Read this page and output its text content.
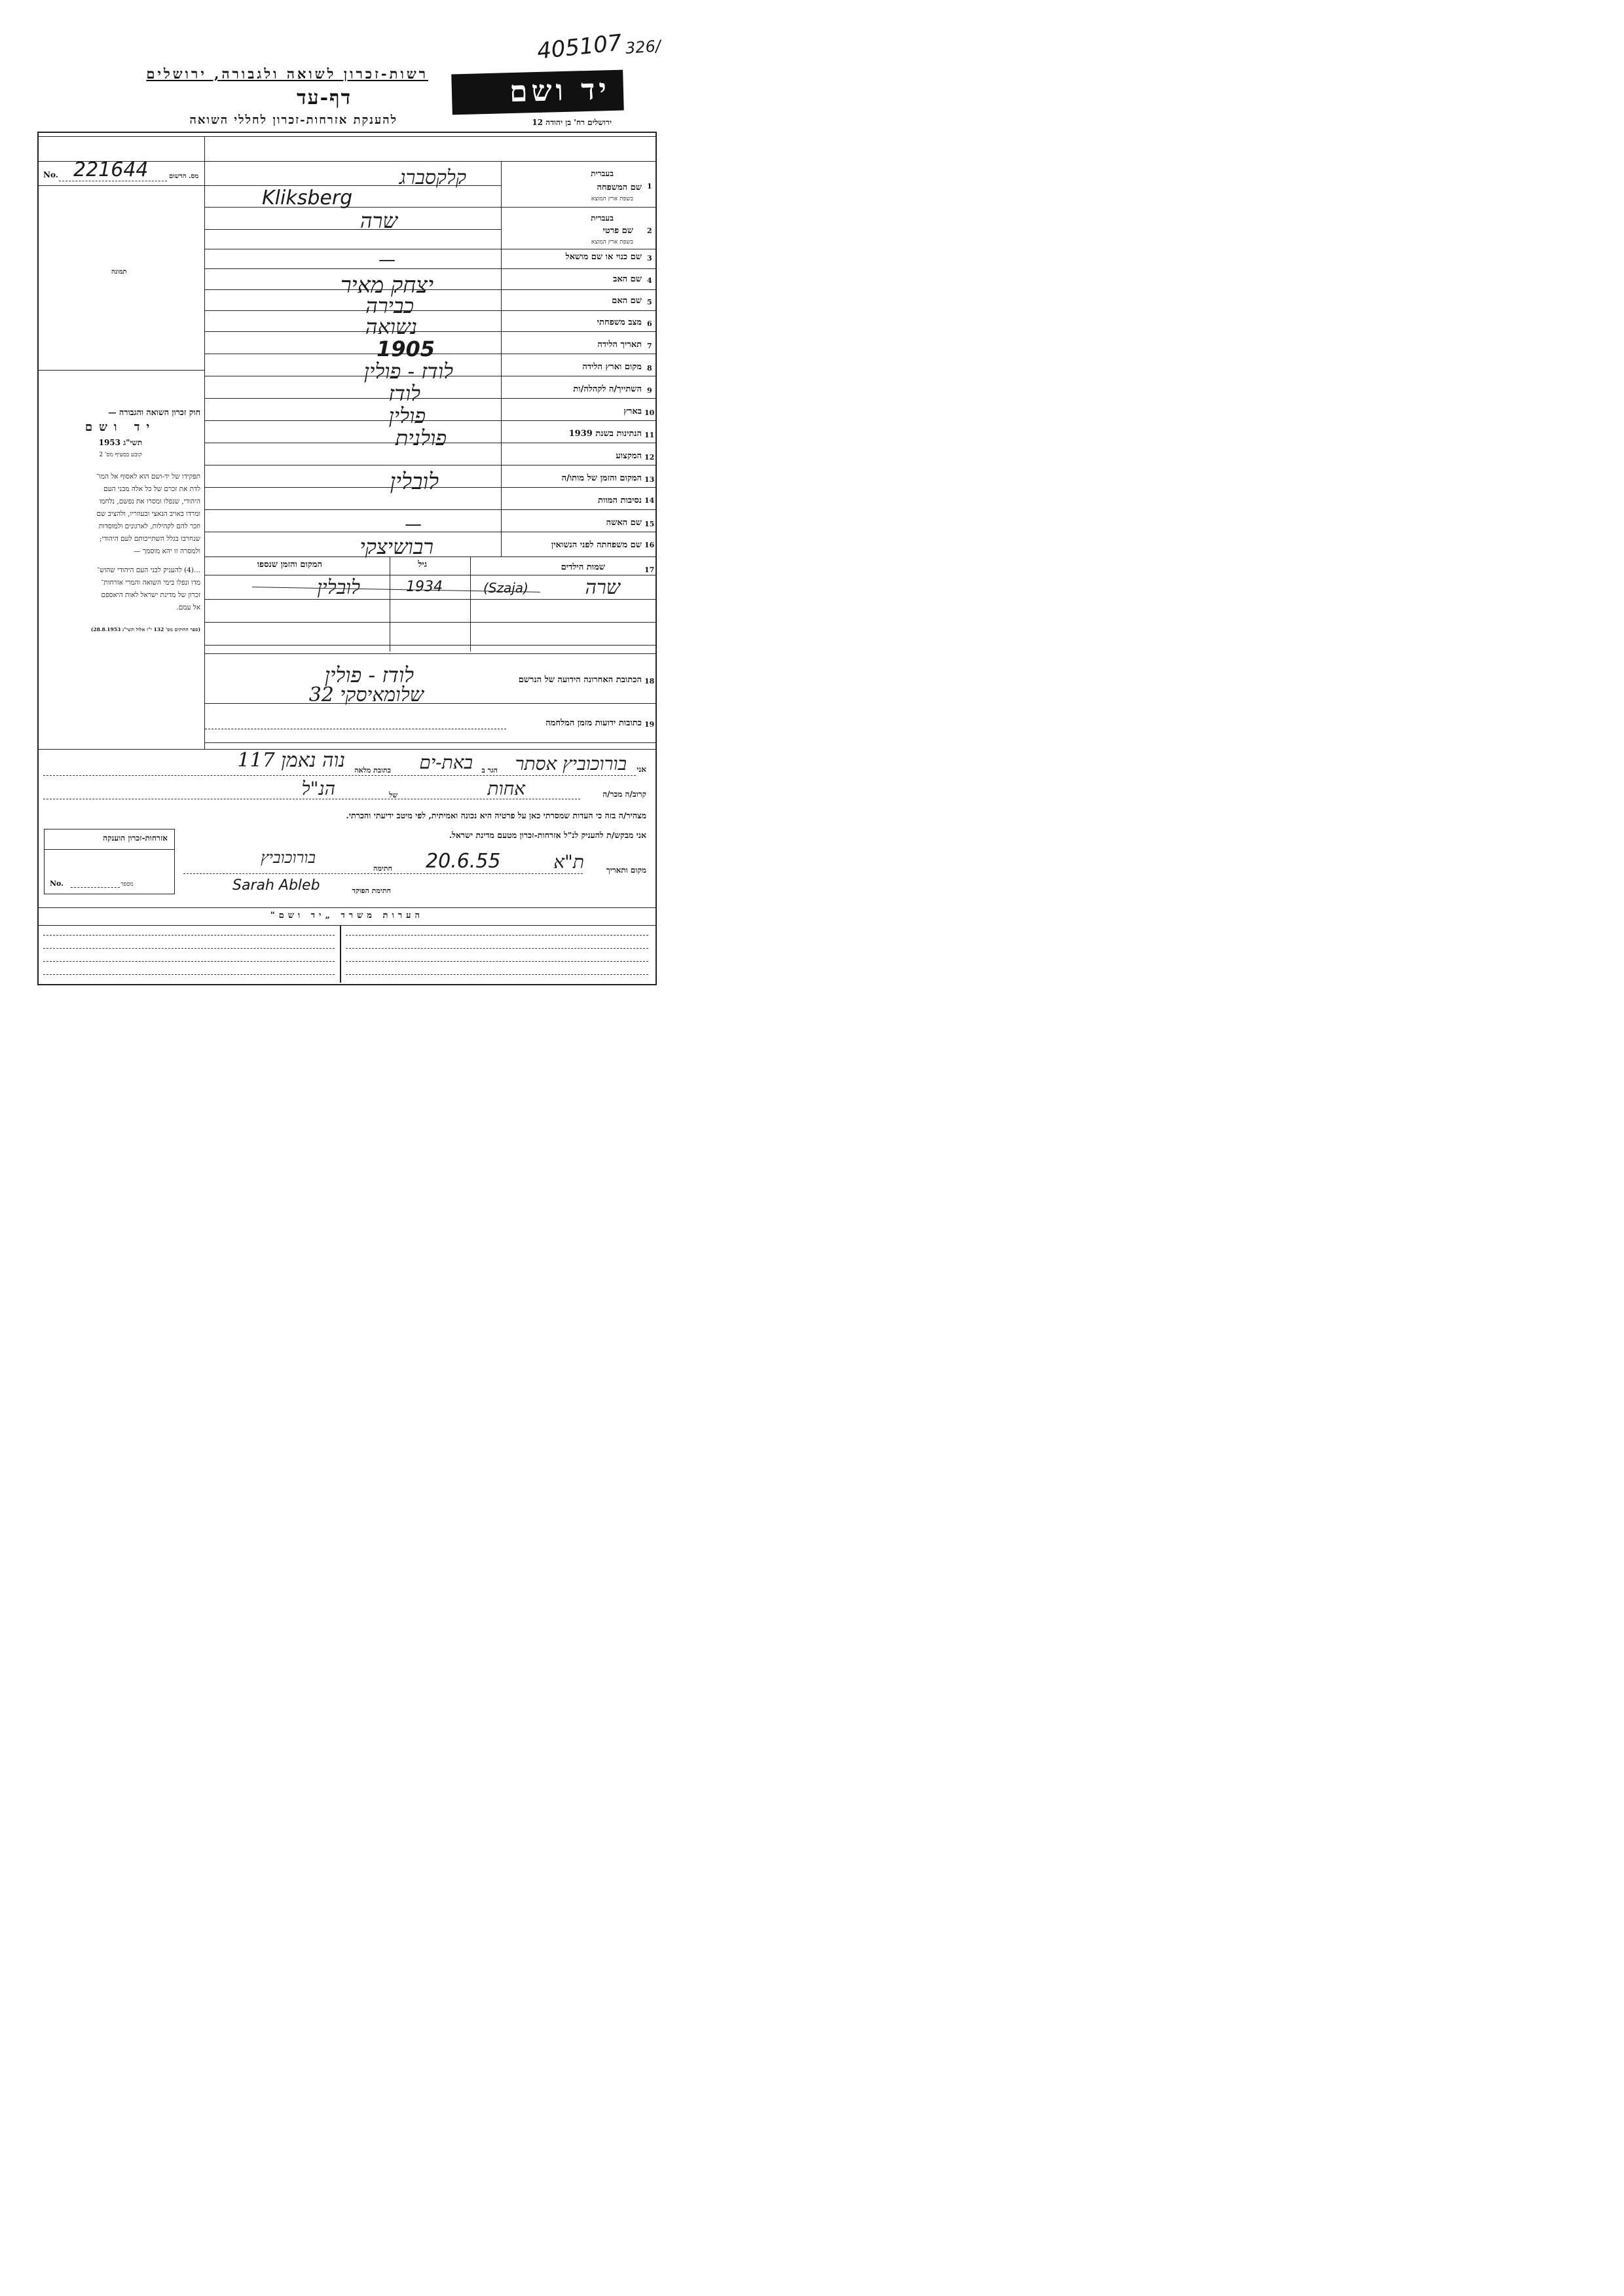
405107 326/
רשות-זכרון לשואה ולגבורה, ירושלים
דף-עד
להענקת אזרחות-זכרון לחללי השואה
יד ושם
ירושלים רח' בן יהודה 12
No. 221644	מס. הרשום
תמונה
חוק זכרון השואה והגבורה —
יד ושם
תשי"ג 1953
קובע בסעיף מס' 2
תפקידו של יד-ושם הוא לאסוף אל המו־
לדת את זכרם של כל אלה מבני העם
היהודי, שנפלו ומסרו את נפשם, נלחמו
ומרדו באויב הנאצי ובעוזריו, ולהציב שם
וזכר להם לקהילות, לארגונים ולמוסדות
שנחרבו בגלל השתייכותם לעם היהודי;
ולמסרה זו יהא מוסמך —
...(4) להעניק לבני העם היהודי שהוש־
מדו ונפלו בימי השואה והמרי אזרחות־
זכרון של מדינת ישראל לאות היאספם
אל עמם.
(ספר החוקים מס' 132 י"ז אלול תשי"ג 28.8.1953)
1
בעברית
שם המשפחה
בשפת ארץ המוצא
קלקסברג
Kliksberg
2
בעברית
שם פרטי
בשפת ארץ המוצא
שרה
3
שם כנוי או שם מושאל
—
4
שם האב
יצחק מאיר
5
שם האם
כבירה
6
מצב משפחתי
נשואה
7
תאריך הלידה
1905
8
מקום וארץ הלידה
לודז - פולין
9
השתייך/ה לקהלה/ות
לודז
10
בארץ
פולין
11
הנתינות בשנת 1939
פולנית
12
המקצוע
13
המקום והזמן של מותו/ה
לובלין
14
נסיבות המוות
15
שם האשה
—
16
שם משפחתה לפני הנשואין
רבושיצקי
17
שמות הילדים
גיל
המקום והזמן שנספו
שרה
(Szaja)
1934
לובלין
18
הכתובת האחרונה הידועה של הנרשם
לודז - פולין
שלומאיסקי 32
19
כתובות ידועות מזמן המלחמה
אני
בורוכוביץ אסתר
הגר ב
באת-ים
כתובת מלאה
נוה נאמן 117
קרוב/ה מכר/ה
אחות
של
הנ"ל
מצהיר/ה בזה כי העדות שמסרתי כאן על פרטיה היא נכונה ואמיתית, לפי מיטב ידיעתי והכרתי.
אני מבקש/ת להעניק לנ"ל אזרחות-זכרון מטעם מדינת ישראל.
מקום ותאריך
ת"א
20.6.55
חתימה
בורוכוביץ
חתימת הפוקד
Sarah Ableb
אזרחות-זכרון הוענקה
No.	מספר
הערות משרד „יד ושם"
